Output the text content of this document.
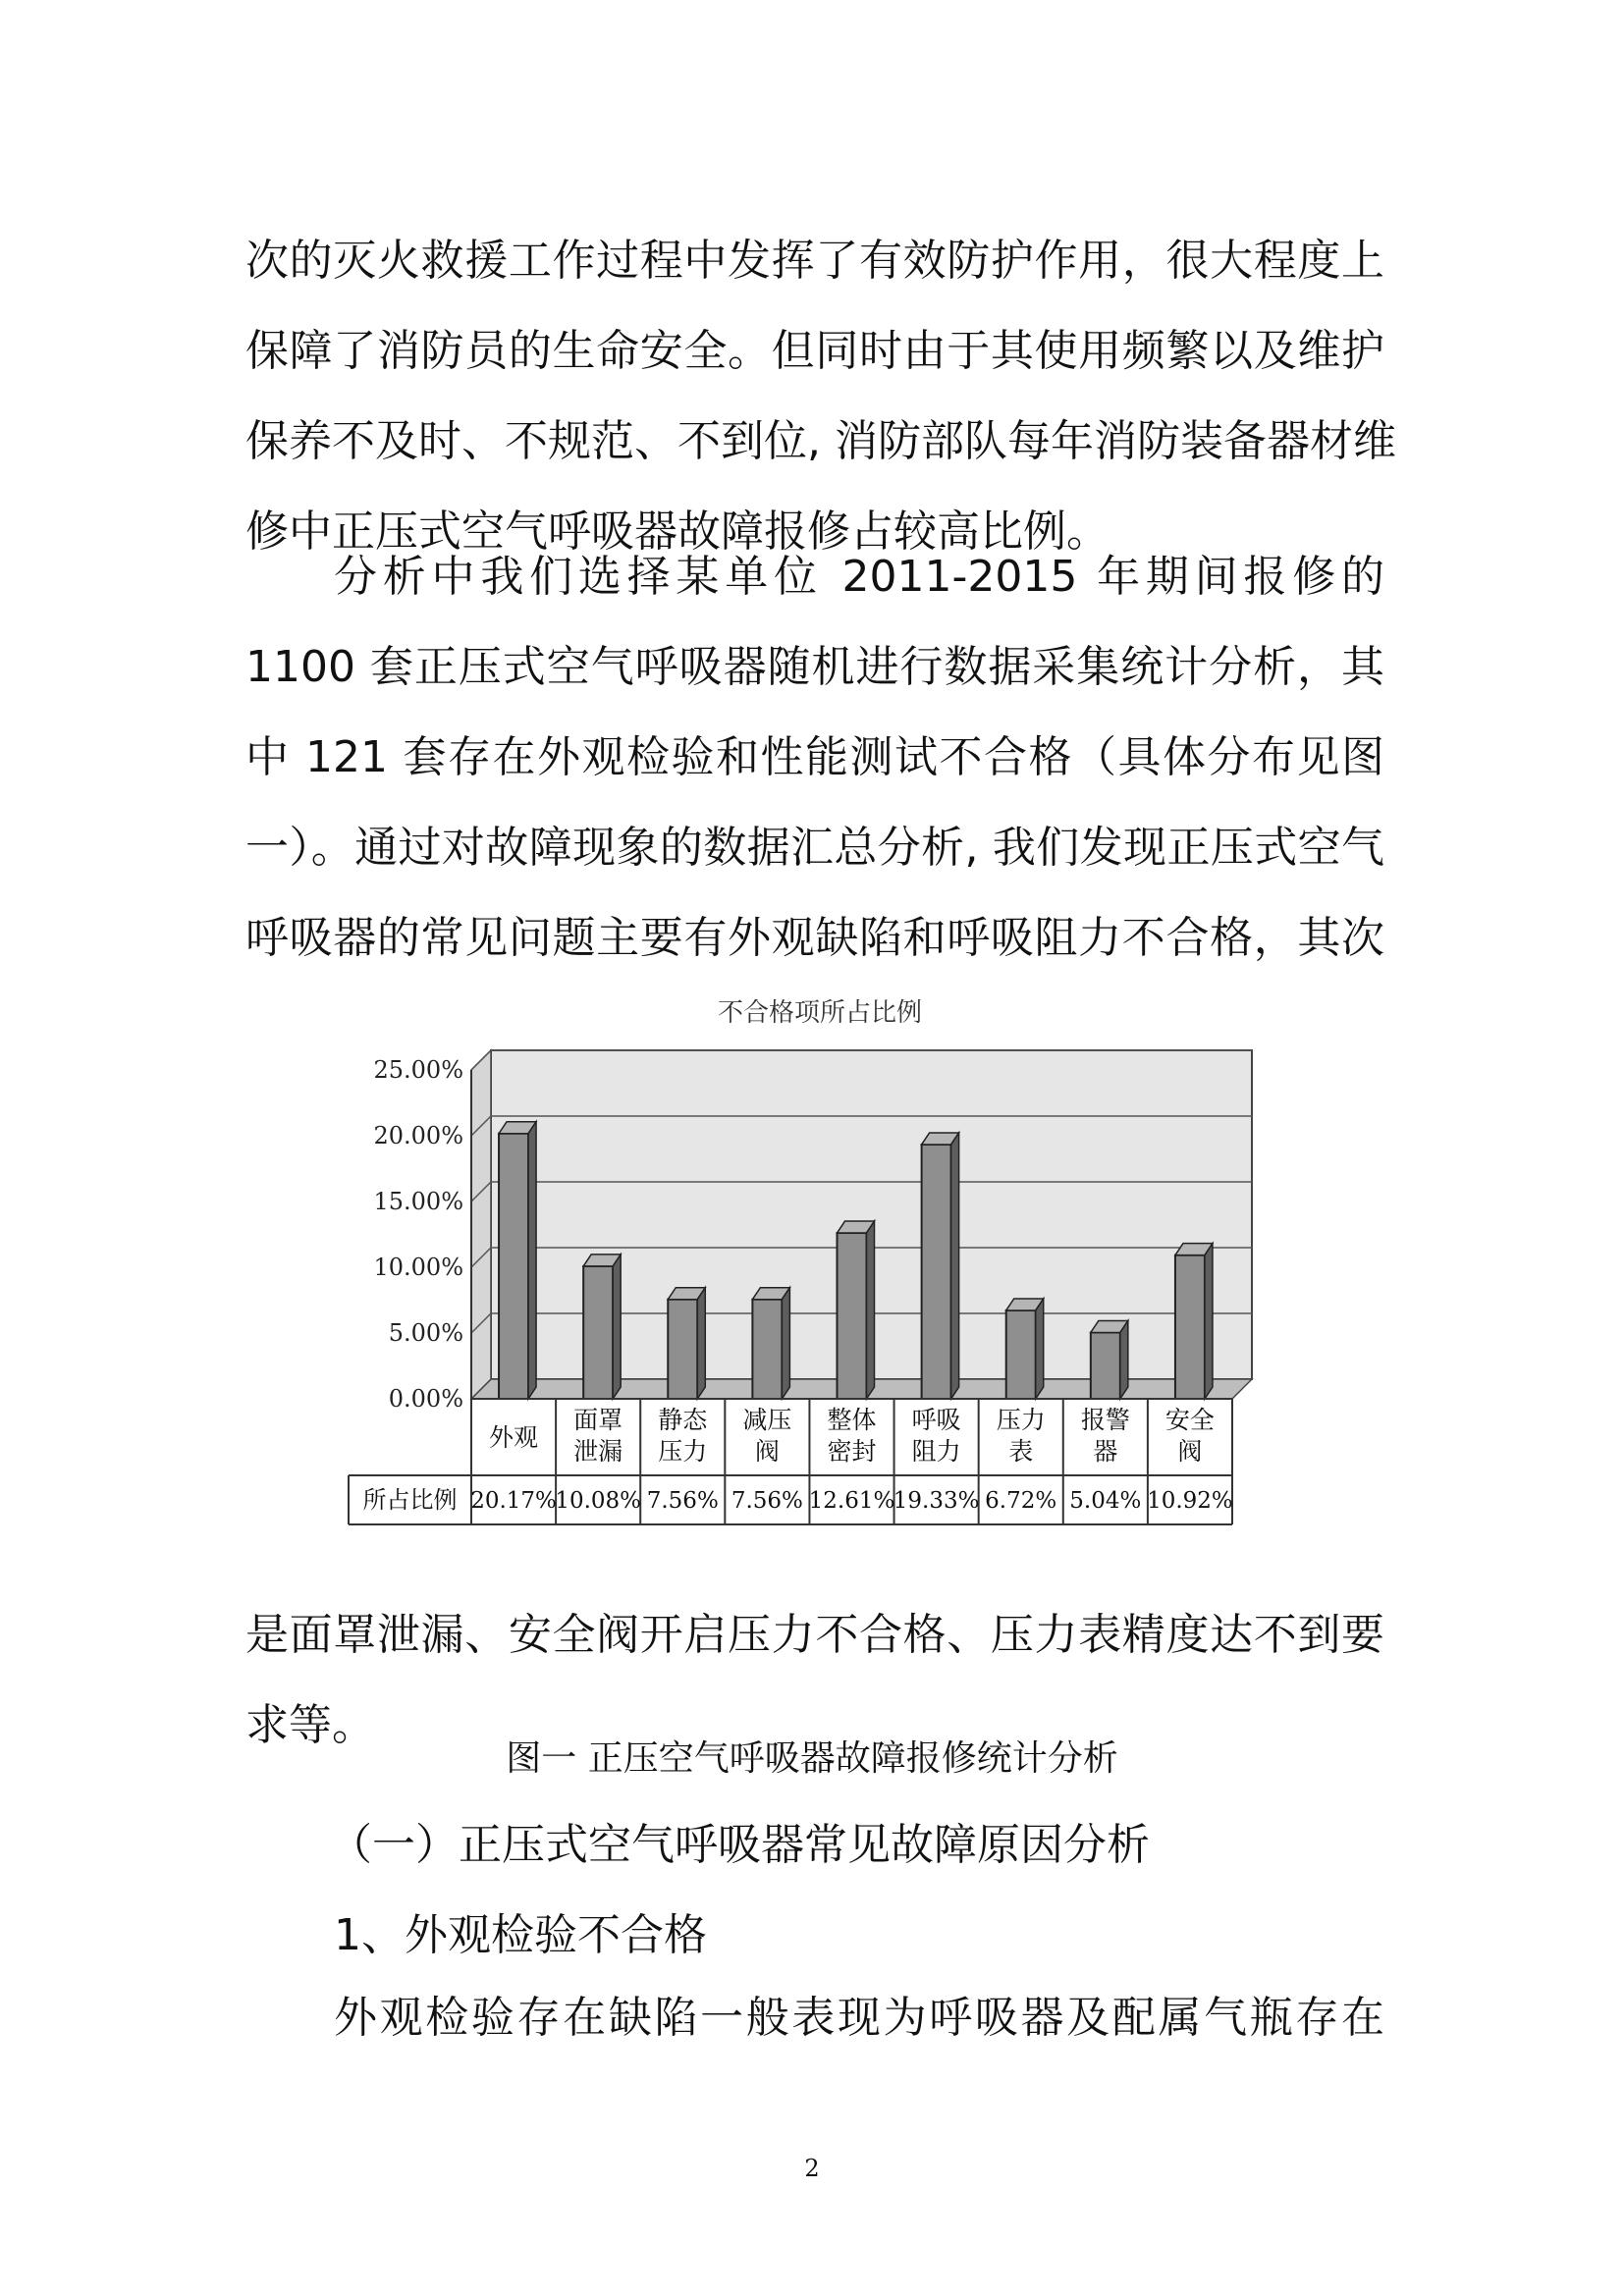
次的灭火救援工作过程中发挥了有效防护作用，很大程度上
保障了消防员的生命安全。但同时由于其使用频繁以及维护
保养不及时、不规范、不到位, 消防部队每年消防装备器材维
修中正压式空气呼吸器故障报修占较高比例。
分析中我们选择某单位 2011-2015 年期间报修的
1100 套正压式空气呼吸器随机进行数据采集统计分析，其
中 121 套存在外观检验和性能测试不合格（具体分布见图
一）。通过对故障现象的数据汇总分析, 我们发现正压式空气
呼吸器的常见问题主要有外观缺陷和呼吸阻力不合格，其次
不合格项所占比例
0.00%
5.00%
10.00%
15.00%
20.00%
25.00%
所占比例
外观
20.17%
面罩
泄漏
10.08%
静态
压力
7.56%
减压
阀
7.56%
整体
密封
12.61%
呼吸
阻力
19.33%
压力
表
6.72%
报警
器
5.04%
安全
阀
10.92%
是面罩泄漏、安全阀开启压力不合格、压力表精度达不到要
求等。
图一 正压空气呼吸器故障报修统计分析
（一）正压式空气呼吸器常见故障原因分析
1、外观检验不合格
外观检验存在缺陷一般表现为呼吸器及配属气瓶存在
2
